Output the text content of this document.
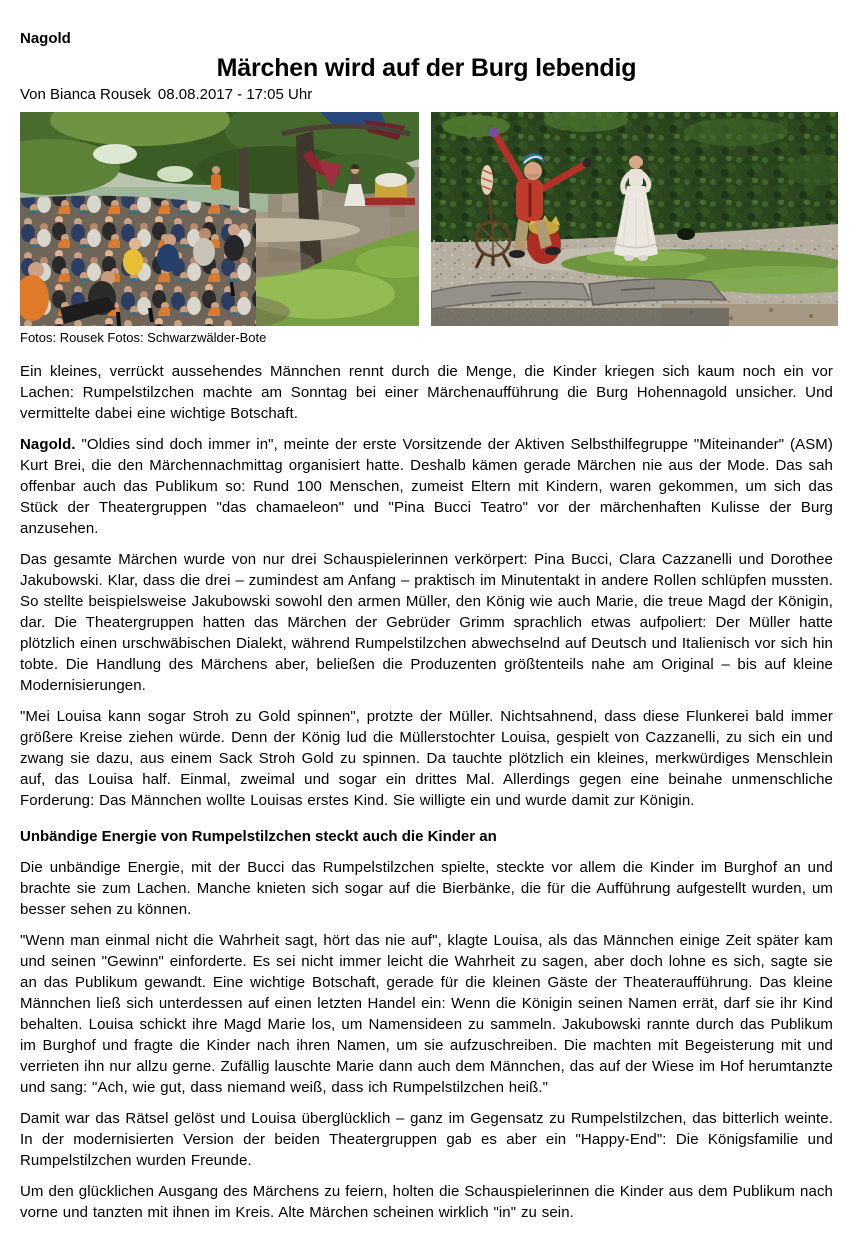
Nagold
Märchen wird auf der Burg lebendig
Von Bianca Rousek 08.08.2017 - 17:05 Uhr
Fotos: Rousek Fotos: Schwarzwälder-Bote

Ein kleines, verrückt aussehendes Männchen rennt durch die Menge, die Kinder kriegen sich kaum noch ein vor Lachen: Rumpelstilzchen machte am Sonntag bei einer Märchenaufführung die Burg Hohennagold unsicher. Und vermittelte dabei eine wichtige Botschaft.

Nagold. "Oldies sind doch immer in", meinte der erste Vorsitzende der Aktiven Selbsthilfegruppe "Miteinander" (ASM) Kurt Brei, die den Märchennachmittag organisiert hatte. Deshalb kämen gerade Märchen nie aus der Mode. Das sah offenbar auch das Publikum so: Rund 100 Menschen, zumeist Eltern mit Kindern, waren gekommen, um sich das Stück der Theatergruppen "das chamaeleon" und "Pina Bucci Teatro" vor der märchenhaften Kulisse der Burg anzusehen.

Das gesamte Märchen wurde von nur drei Schauspielerinnen verkörpert: Pina Bucci, Clara Cazzanelli und Dorothee Jakubowski. Klar, dass die drei – zumindest am Anfang – praktisch im Minutentakt in andere Rollen schlüpfen mussten. So stellte beispielsweise Jakubowski sowohl den armen Müller, den König wie auch Marie, die treue Magd der Königin, dar. Die Theatergruppen hatten das Märchen der Gebrüder Grimm sprachlich etwas aufpoliert: Der Müller hatte plötzlich einen urschwäbischen Dialekt, während Rumpelstilzchen abwechselnd auf Deutsch und Italienisch vor sich hin tobte. Die Handlung des Märchens aber, beließen die Produzenten größtenteils nahe am Original – bis auf kleine Modernisierungen.

"Mei Louisa kann sogar Stroh zu Gold spinnen", protzte der Müller. Nichtsahnend, dass diese Flunkerei bald immer größere Kreise ziehen würde. Denn der König lud die Müllerstochter Louisa, gespielt von Cazzanelli, zu sich ein und zwang sie dazu, aus einem Sack Stroh Gold zu spinnen. Da tauchte plötzlich ein kleines, merkwürdiges Menschlein auf, das Louisa half. Einmal, zweimal und sogar ein drittes Mal. Allerdings gegen eine beinahe unmenschliche Forderung: Das Männchen wollte Louisas erstes Kind. Sie willigte ein und wurde damit zur Königin.

Unbändige Energie von Rumpelstilzchen steckt auch die Kinder an

Die unbändige Energie, mit der Bucci das Rumpelstilzchen spielte, steckte vor allem die Kinder im Burghof an und brachte sie zum Lachen. Manche knieten sich sogar auf die Bierbänke, die für die Aufführung aufgestellt wurden, um besser sehen zu können.

"Wenn man einmal nicht die Wahrheit sagt, hört das nie auf", klagte Louisa, als das Männchen einige Zeit später kam und seinen "Gewinn" einforderte. Es sei nicht immer leicht die Wahrheit zu sagen, aber doch lohne es sich, sagte sie an das Publikum gewandt. Eine wichtige Botschaft, gerade für die kleinen Gäste der Theateraufführung. Das kleine Männchen ließ sich unterdessen auf einen letzten Handel ein: Wenn die Königin seinen Namen errät, darf sie ihr Kind behalten. Louisa schickt ihre Magd Marie los, um Namensideen zu sammeln. Jakubowski rannte durch das Publikum im Burghof und fragte die Kinder nach ihren Namen, um sie aufzuschreiben. Die machten mit Begeisterung mit und verrieten ihn nur allzu gerne. Zufällig lauschte Marie dann auch dem Männchen, das auf der Wiese im Hof herumtanzte und sang: "Ach, wie gut, dass niemand weiß, dass ich Rumpelstilzchen heiß."

Damit war das Rätsel gelöst und Louisa überglücklich – ganz im Gegensatz zu Rumpelstilzchen, das bitterlich weinte. In der modernisierten Version der beiden Theatergruppen gab es aber ein "Happy-End": Die Königsfamilie und Rumpelstilzchen wurden Freunde.

Um den glücklichen Ausgang des Märchens zu feiern, holten die Schauspielerinnen die Kinder aus dem Publikum nach vorne und tanzten mit ihnen im Kreis. Alte Märchen scheinen wirklich "in" zu sein.
